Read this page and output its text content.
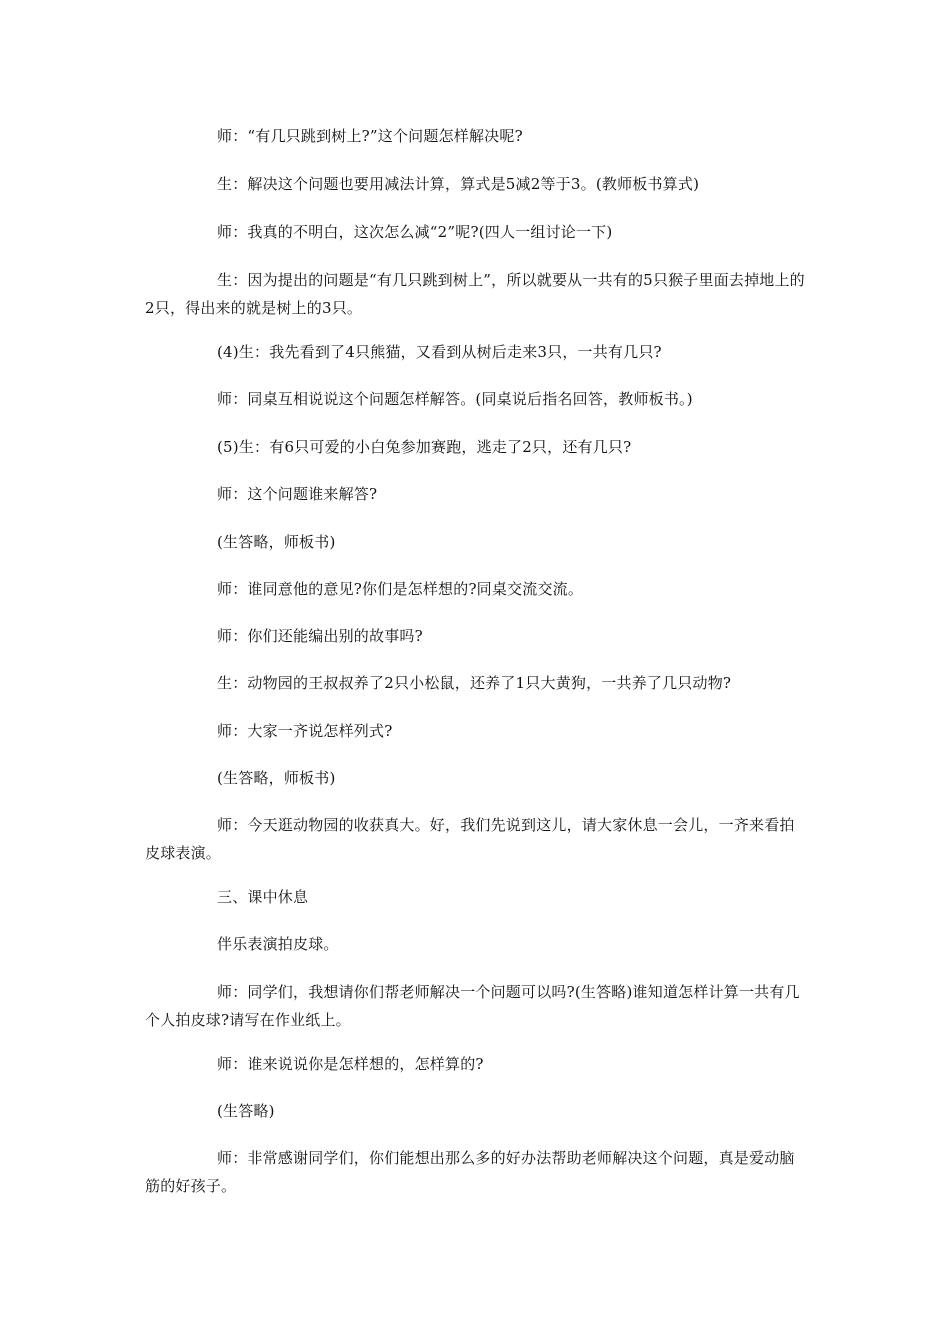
师：“有几只跳到树上?”这个问题怎样解决呢?

生：解决这个问题也要用减法计算，算式是5减2等于3。(教师板书算式)

师：我真的不明白，这次怎么减“2”呢?(四人一组讨论一下)

生：因为提出的问题是“有几只跳到树上”，所以就要从一共有的5只猴子里面去掉地上的2只，得出来的就是树上的3只。

(4)生：我先看到了4只熊猫，又看到从树后走来3只，一共有几只?

师：同桌互相说说这个问题怎样解答。(同桌说后指名回答，教师板书。)

(5)生：有6只可爱的小白兔参加赛跑，逃走了2只，还有几只?

师：这个问题谁来解答?

(生答略，师板书)

师：谁同意他的意见?你们是怎样想的?同桌交流交流。

师：你们还能编出别的故事吗?

生：动物园的王叔叔养了2只小松鼠，还养了1只大黄狗，一共养了几只动物?

师：大家一齐说怎样列式?

(生答略，师板书)

师：今天逛动物园的收获真大。好，我们先说到这儿，请大家休息一会儿，一齐来看拍皮球表演。

三、课中休息

伴乐表演拍皮球。

师：同学们，我想请你们帮老师解决一个问题可以吗?(生答略)谁知道怎样计算一共有几个人拍皮球?请写在作业纸上。

师：谁来说说你是怎样想的，怎样算的?

(生答略)

师：非常感谢同学们，你们能想出那么多的好办法帮助老师解决这个问题，真是爱动脑筋的好孩子。
